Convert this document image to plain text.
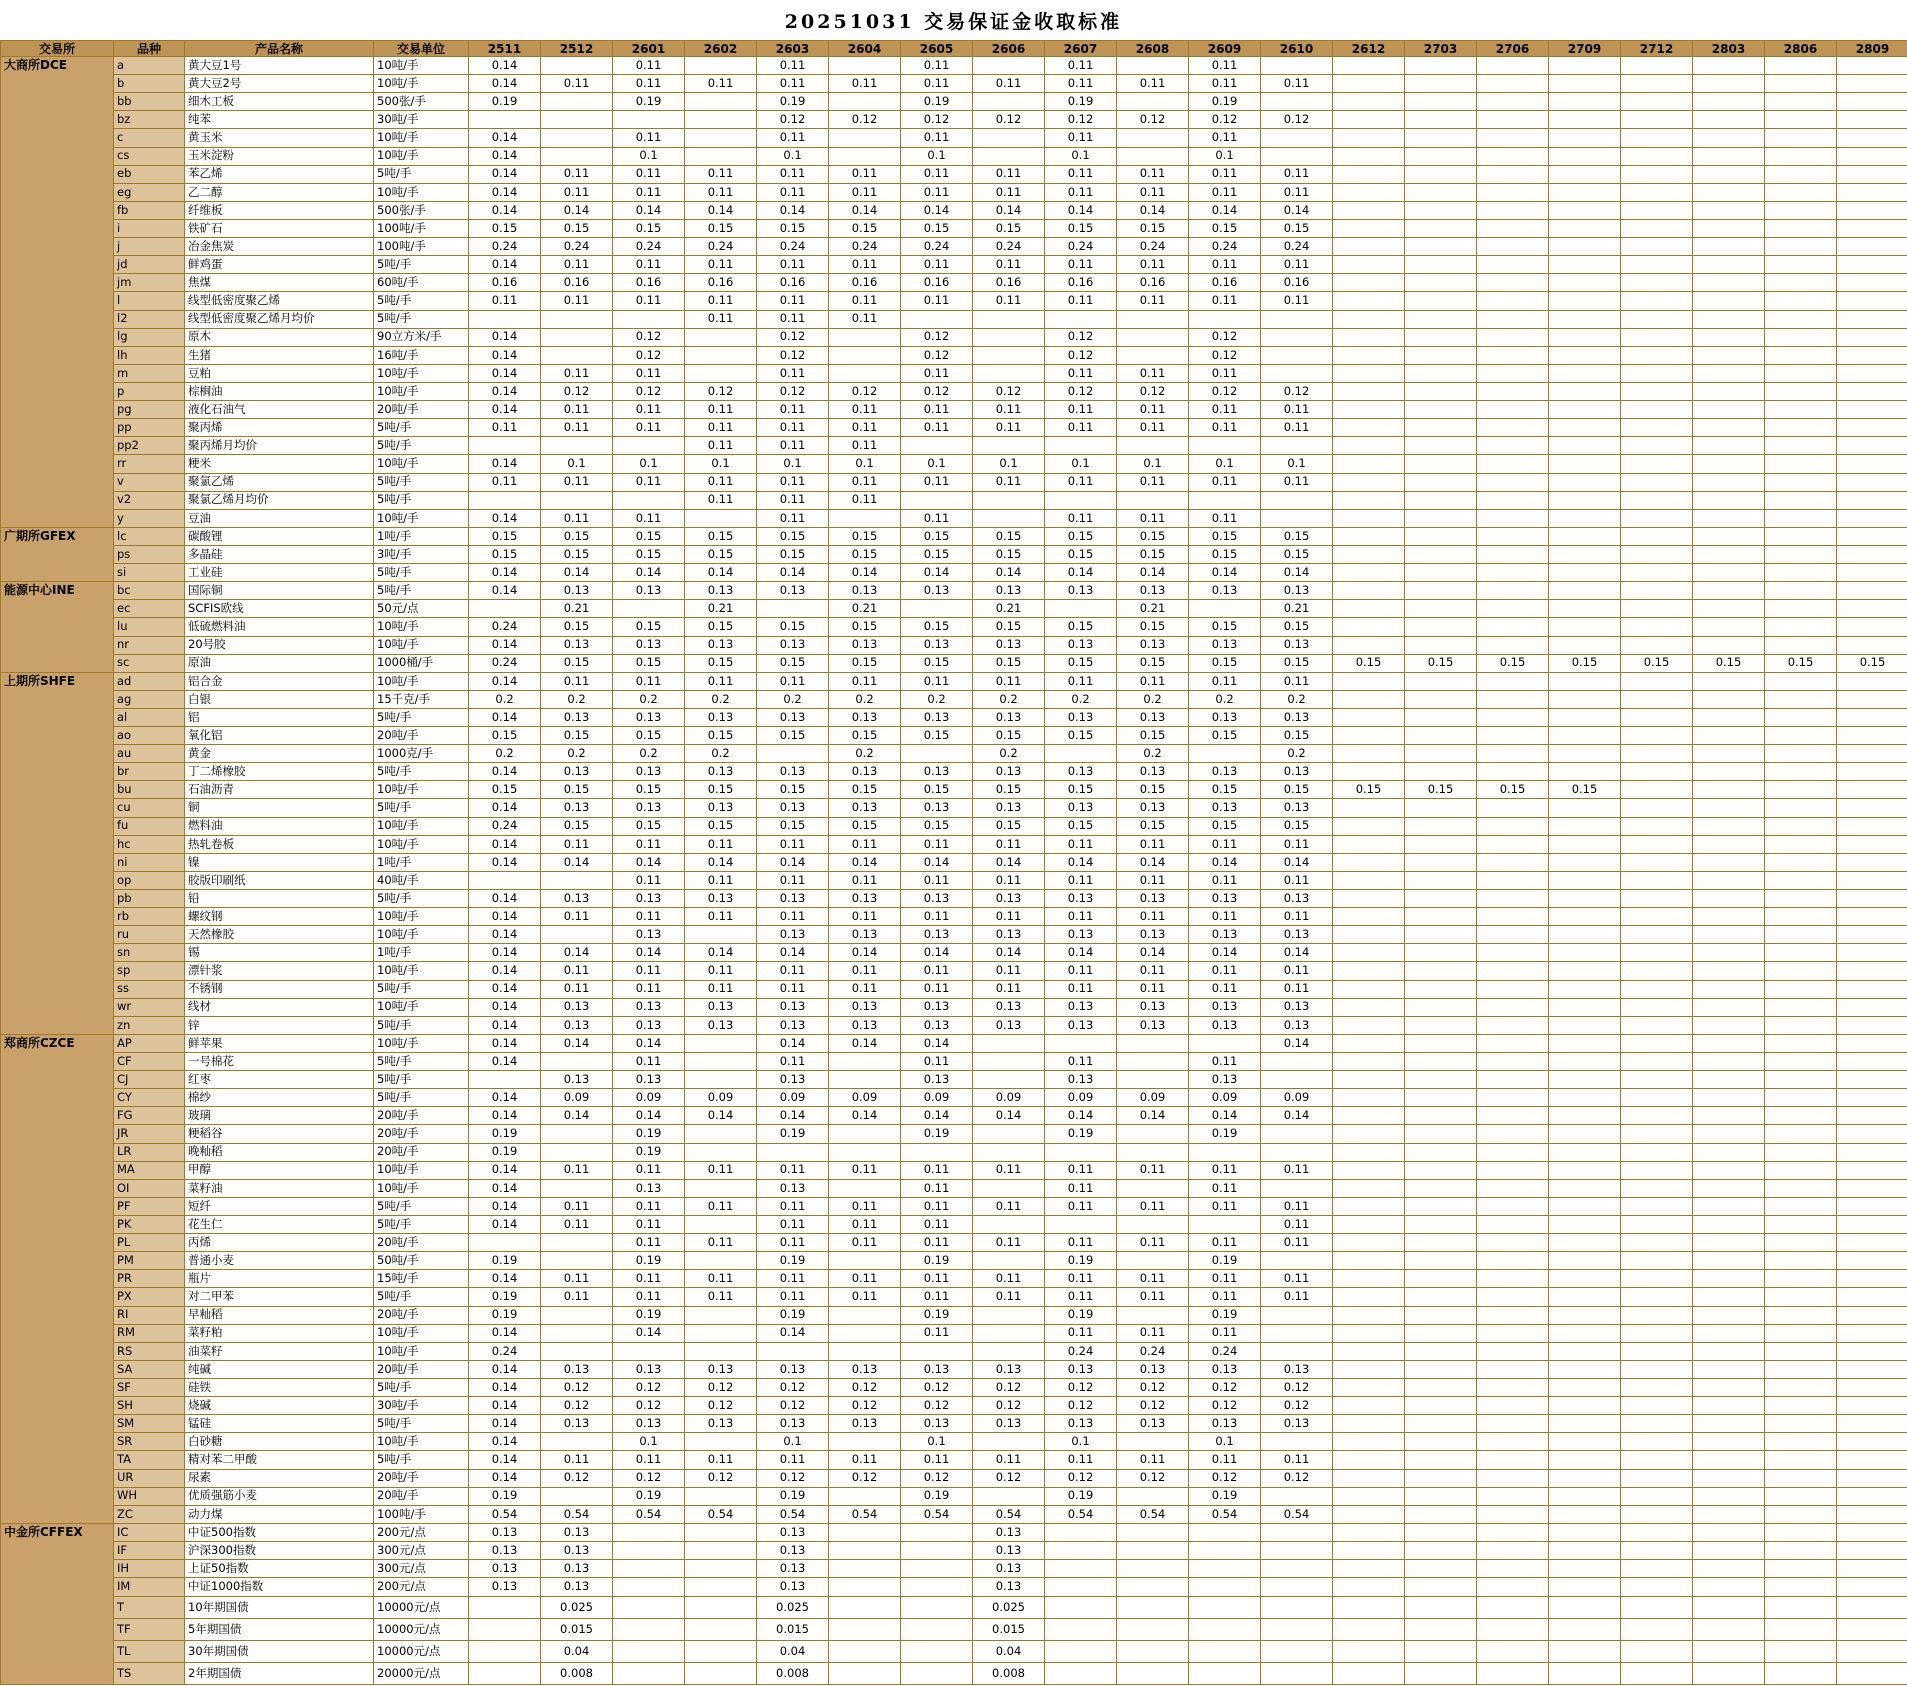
20251031 交易保证金收取标准
交易所	品种	产品名称	交易单位	2511	2512	2601	2602	2603	2604	2605	2606	2607	2608	2609	2610	2612	2703	2706	2709	2712	2803	2806	2809
大商所DCE	a	黄大豆1号	10吨/手	0.14		0.11		0.11		0.11		0.11		0.11									
	b	黄大豆2号	10吨/手	0.14	0.11	0.11	0.11	0.11	0.11	0.11	0.11	0.11	0.11	0.11	0.11								
	bb	细木工板	500张/手	0.19		0.19		0.19		0.19		0.19		0.19									
	bz	纯苯	30吨/手					0.12	0.12	0.12	0.12	0.12	0.12	0.12	0.12								
	c	黄玉米	10吨/手	0.14		0.11		0.11		0.11		0.11		0.11									
	cs	玉米淀粉	10吨/手	0.14		0.1		0.1		0.1		0.1		0.1									
	eb	苯乙烯	5吨/手	0.14	0.11	0.11	0.11	0.11	0.11	0.11	0.11	0.11	0.11	0.11	0.11								
	eg	乙二醇	10吨/手	0.14	0.11	0.11	0.11	0.11	0.11	0.11	0.11	0.11	0.11	0.11	0.11								
	fb	纤维板	500张/手	0.14	0.14	0.14	0.14	0.14	0.14	0.14	0.14	0.14	0.14	0.14	0.14								
	i	铁矿石	100吨/手	0.15	0.15	0.15	0.15	0.15	0.15	0.15	0.15	0.15	0.15	0.15	0.15								
	j	冶金焦炭	100吨/手	0.24	0.24	0.24	0.24	0.24	0.24	0.24	0.24	0.24	0.24	0.24	0.24								
	jd	鲜鸡蛋	5吨/手	0.14	0.11	0.11	0.11	0.11	0.11	0.11	0.11	0.11	0.11	0.11	0.11								
	jm	焦煤	60吨/手	0.16	0.16	0.16	0.16	0.16	0.16	0.16	0.16	0.16	0.16	0.16	0.16								
	l	线型低密度聚乙烯	5吨/手	0.11	0.11	0.11	0.11	0.11	0.11	0.11	0.11	0.11	0.11	0.11	0.11								
	l2	线型低密度聚乙烯月均价	5吨/手				0.11	0.11	0.11														
	lg	原木	90立方米/手	0.14		0.12		0.12		0.12		0.12		0.12									
	lh	生猪	16吨/手	0.14		0.12		0.12		0.12		0.12		0.12									
	m	豆粕	10吨/手	0.14	0.11	0.11		0.11		0.11		0.11	0.11	0.11									
	p	棕榈油	10吨/手	0.14	0.12	0.12	0.12	0.12	0.12	0.12	0.12	0.12	0.12	0.12	0.12								
	pg	液化石油气	20吨/手	0.14	0.11	0.11	0.11	0.11	0.11	0.11	0.11	0.11	0.11	0.11	0.11								
	pp	聚丙烯	5吨/手	0.11	0.11	0.11	0.11	0.11	0.11	0.11	0.11	0.11	0.11	0.11	0.11								
	pp2	聚丙烯月均价	5吨/手				0.11	0.11	0.11														
	rr	粳米	10吨/手	0.14	0.1	0.1	0.1	0.1	0.1	0.1	0.1	0.1	0.1	0.1	0.1								
	v	聚氯乙烯	5吨/手	0.11	0.11	0.11	0.11	0.11	0.11	0.11	0.11	0.11	0.11	0.11	0.11								
	v2	聚氯乙烯月均价	5吨/手				0.11	0.11	0.11														
	y	豆油	10吨/手	0.14	0.11	0.11		0.11		0.11		0.11	0.11	0.11									
广期所GFEX	lc	碳酸锂	1吨/手	0.15	0.15	0.15	0.15	0.15	0.15	0.15	0.15	0.15	0.15	0.15	0.15								
	ps	多晶硅	3吨/手	0.15	0.15	0.15	0.15	0.15	0.15	0.15	0.15	0.15	0.15	0.15	0.15								
	si	工业硅	5吨/手	0.14	0.14	0.14	0.14	0.14	0.14	0.14	0.14	0.14	0.14	0.14	0.14								
能源中心INE	bc	国际铜	5吨/手	0.14	0.13	0.13	0.13	0.13	0.13	0.13	0.13	0.13	0.13	0.13	0.13								
	ec	SCFIS欧线	50元/点		0.21		0.21		0.21		0.21		0.21		0.21								
	lu	低硫燃料油	10吨/手	0.24	0.15	0.15	0.15	0.15	0.15	0.15	0.15	0.15	0.15	0.15	0.15								
	nr	20号胶	10吨/手	0.14	0.13	0.13	0.13	0.13	0.13	0.13	0.13	0.13	0.13	0.13	0.13								
	sc	原油	1000桶/手	0.24	0.15	0.15	0.15	0.15	0.15	0.15	0.15	0.15	0.15	0.15	0.15	0.15	0.15	0.15	0.15	0.15	0.15	0.15	0.15
上期所SHFE	ad	铝合金	10吨/手	0.14	0.11	0.11	0.11	0.11	0.11	0.11	0.11	0.11	0.11	0.11	0.11								
	ag	白银	15千克/手	0.2	0.2	0.2	0.2	0.2	0.2	0.2	0.2	0.2	0.2	0.2	0.2								
	al	铝	5吨/手	0.14	0.13	0.13	0.13	0.13	0.13	0.13	0.13	0.13	0.13	0.13	0.13								
	ao	氧化铝	20吨/手	0.15	0.15	0.15	0.15	0.15	0.15	0.15	0.15	0.15	0.15	0.15	0.15								
	au	黄金	1000克/手	0.2	0.2	0.2	0.2		0.2		0.2		0.2		0.2								
	br	丁二烯橡胶	5吨/手	0.14	0.13	0.13	0.13	0.13	0.13	0.13	0.13	0.13	0.13	0.13	0.13								
	bu	石油沥青	10吨/手	0.15	0.15	0.15	0.15	0.15	0.15	0.15	0.15	0.15	0.15	0.15	0.15	0.15	0.15	0.15	0.15				
	cu	铜	5吨/手	0.14	0.13	0.13	0.13	0.13	0.13	0.13	0.13	0.13	0.13	0.13	0.13								
	fu	燃料油	10吨/手	0.24	0.15	0.15	0.15	0.15	0.15	0.15	0.15	0.15	0.15	0.15	0.15								
	hc	热轧卷板	10吨/手	0.14	0.11	0.11	0.11	0.11	0.11	0.11	0.11	0.11	0.11	0.11	0.11								
	ni	镍	1吨/手	0.14	0.14	0.14	0.14	0.14	0.14	0.14	0.14	0.14	0.14	0.14	0.14								
	op	胶版印刷纸	40吨/手			0.11	0.11	0.11	0.11	0.11	0.11	0.11	0.11	0.11	0.11								
	pb	铅	5吨/手	0.14	0.13	0.13	0.13	0.13	0.13	0.13	0.13	0.13	0.13	0.13	0.13								
	rb	螺纹钢	10吨/手	0.14	0.11	0.11	0.11	0.11	0.11	0.11	0.11	0.11	0.11	0.11	0.11								
	ru	天然橡胶	10吨/手	0.14		0.13		0.13	0.13	0.13	0.13	0.13	0.13	0.13	0.13								
	sn	锡	1吨/手	0.14	0.14	0.14	0.14	0.14	0.14	0.14	0.14	0.14	0.14	0.14	0.14								
	sp	漂针浆	10吨/手	0.14	0.11	0.11	0.11	0.11	0.11	0.11	0.11	0.11	0.11	0.11	0.11								
	ss	不锈钢	5吨/手	0.14	0.11	0.11	0.11	0.11	0.11	0.11	0.11	0.11	0.11	0.11	0.11								
	wr	线材	10吨/手	0.14	0.13	0.13	0.13	0.13	0.13	0.13	0.13	0.13	0.13	0.13	0.13								
	zn	锌	5吨/手	0.14	0.13	0.13	0.13	0.13	0.13	0.13	0.13	0.13	0.13	0.13	0.13								
郑商所CZCE	AP	鲜苹果	10吨/手	0.14	0.14	0.14		0.14	0.14	0.14					0.14								
	CF	一号棉花	5吨/手	0.14		0.11		0.11		0.11		0.11		0.11									
	CJ	红枣	5吨/手		0.13	0.13		0.13		0.13		0.13		0.13									
	CY	棉纱	5吨/手	0.14	0.09	0.09	0.09	0.09	0.09	0.09	0.09	0.09	0.09	0.09	0.09								
	FG	玻璃	20吨/手	0.14	0.14	0.14	0.14	0.14	0.14	0.14	0.14	0.14	0.14	0.14	0.14								
	JR	粳稻谷	20吨/手	0.19		0.19		0.19		0.19		0.19		0.19									
	LR	晚籼稻	20吨/手	0.19		0.19																	
	MA	甲醇	10吨/手	0.14	0.11	0.11	0.11	0.11	0.11	0.11	0.11	0.11	0.11	0.11	0.11								
	OI	菜籽油	10吨/手	0.14		0.13		0.13		0.11		0.11		0.11									
	PF	短纤	5吨/手	0.14	0.11	0.11	0.11	0.11	0.11	0.11	0.11	0.11	0.11	0.11	0.11								
	PK	花生仁	5吨/手	0.14	0.11	0.11		0.11	0.11	0.11					0.11								
	PL	丙烯	20吨/手			0.11	0.11	0.11	0.11	0.11	0.11	0.11	0.11	0.11	0.11								
	PM	普通小麦	50吨/手	0.19		0.19		0.19		0.19		0.19		0.19									
	PR	瓶片	15吨/手	0.14	0.11	0.11	0.11	0.11	0.11	0.11	0.11	0.11	0.11	0.11	0.11								
	PX	对二甲苯	5吨/手	0.19	0.11	0.11	0.11	0.11	0.11	0.11	0.11	0.11	0.11	0.11	0.11								
	RI	早籼稻	20吨/手	0.19		0.19		0.19		0.19		0.19		0.19									
	RM	菜籽粕	10吨/手	0.14		0.14		0.14		0.11		0.11	0.11	0.11									
	RS	油菜籽	10吨/手	0.24								0.24	0.24	0.24									
	SA	纯碱	20吨/手	0.14	0.13	0.13	0.13	0.13	0.13	0.13	0.13	0.13	0.13	0.13	0.13								
	SF	硅铁	5吨/手	0.14	0.12	0.12	0.12	0.12	0.12	0.12	0.12	0.12	0.12	0.12	0.12								
	SH	烧碱	30吨/手	0.14	0.12	0.12	0.12	0.12	0.12	0.12	0.12	0.12	0.12	0.12	0.12								
	SM	锰硅	5吨/手	0.14	0.13	0.13	0.13	0.13	0.13	0.13	0.13	0.13	0.13	0.13	0.13								
	SR	白砂糖	10吨/手	0.14		0.1		0.1		0.1		0.1		0.1									
	TA	精对苯二甲酸	5吨/手	0.14	0.11	0.11	0.11	0.11	0.11	0.11	0.11	0.11	0.11	0.11	0.11								
	UR	尿素	20吨/手	0.14	0.12	0.12	0.12	0.12	0.12	0.12	0.12	0.12	0.12	0.12	0.12								
	WH	优质强筋小麦	20吨/手	0.19		0.19		0.19		0.19		0.19		0.19									
	ZC	动力煤	100吨/手	0.54	0.54	0.54	0.54	0.54	0.54	0.54	0.54	0.54	0.54	0.54	0.54								
中金所CFFEX	IC	中证500指数	200元/点	0.13	0.13			0.13			0.13												
	IF	沪深300指数	300元/点	0.13	0.13			0.13			0.13												
	IH	上证50指数	300元/点	0.13	0.13			0.13			0.13												
	IM	中证1000指数	200元/点	0.13	0.13			0.13			0.13												
	T	10年期国债	10000元/点		0.025			0.025			0.025												
	TF	5年期国债	10000元/点		0.015			0.015			0.015												
	TL	30年期国债	10000元/点		0.04			0.04			0.04												
	TS	2年期国债	20000元/点		0.008			0.008			0.008												
